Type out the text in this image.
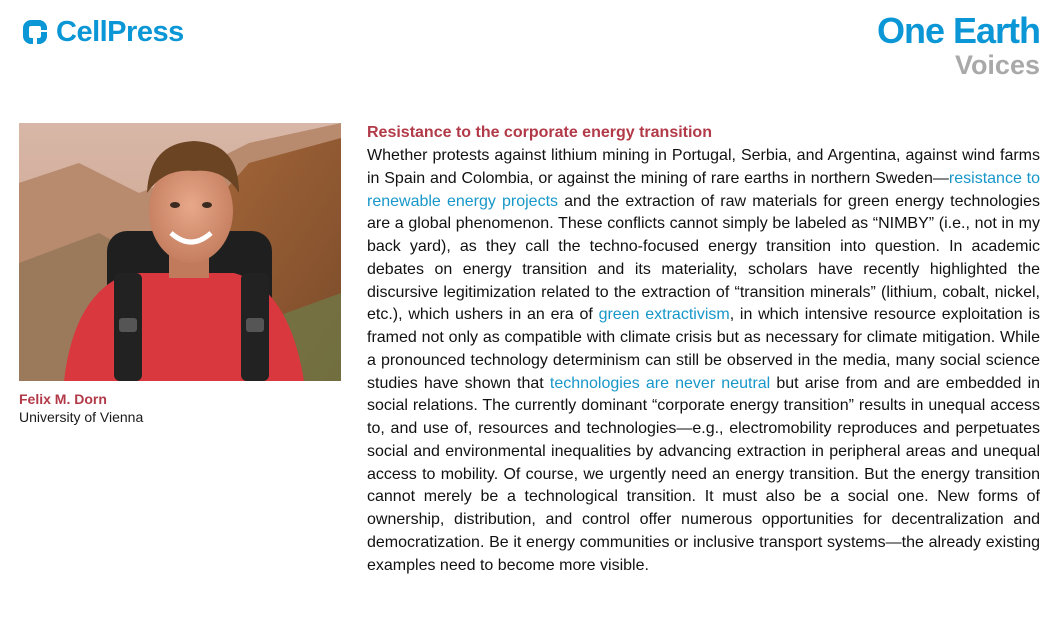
CellPress	One Earth
Voices
Felix M. Dorn
University of Vienna
Resistance to the corporate energy transition

Whether protests against lithium mining in Portugal, Serbia, and Argentina, against wind farms in Spain and Colombia, or against the mining of rare earths in northern Sweden—resistance to renewable energy projects and the extraction of raw materials for green energy technologies are a global phenomenon. These conflicts cannot simply be labeled as “NIMBY” (i.e., not in my back yard), as they call the techno-focused energy transition into question. In academic debates on energy transition and its materiality, scholars have recently highlighted the discursive legitimization related to the extraction of “transition minerals” (lithium, cobalt, nickel, etc.), which ushers in an era of green extractivism, in which intensive resource exploitation is framed not only as compatible with climate crisis but as necessary for climate mitigation. While a pronounced technology determinism can still be observed in the media, many social science studies have shown that technologies are never neutral but arise from and are embedded in social relations. The currently dominant “corporate energy transition” results in unequal access to, and use of, resources and technologies—e.g., electromobility reproduces and perpetuates social and environmental inequalities by advancing extraction in peripheral areas and unequal access to mobility. Of course, we urgently need an energy transition. But the energy transition cannot merely be a technological transition. It must also be a social one. New forms of ownership, distribution, and control offer numerous opportunities for decentralization and democratization. Be it energy communities or inclusive transport systems—the already existing examples need to become more visible.
